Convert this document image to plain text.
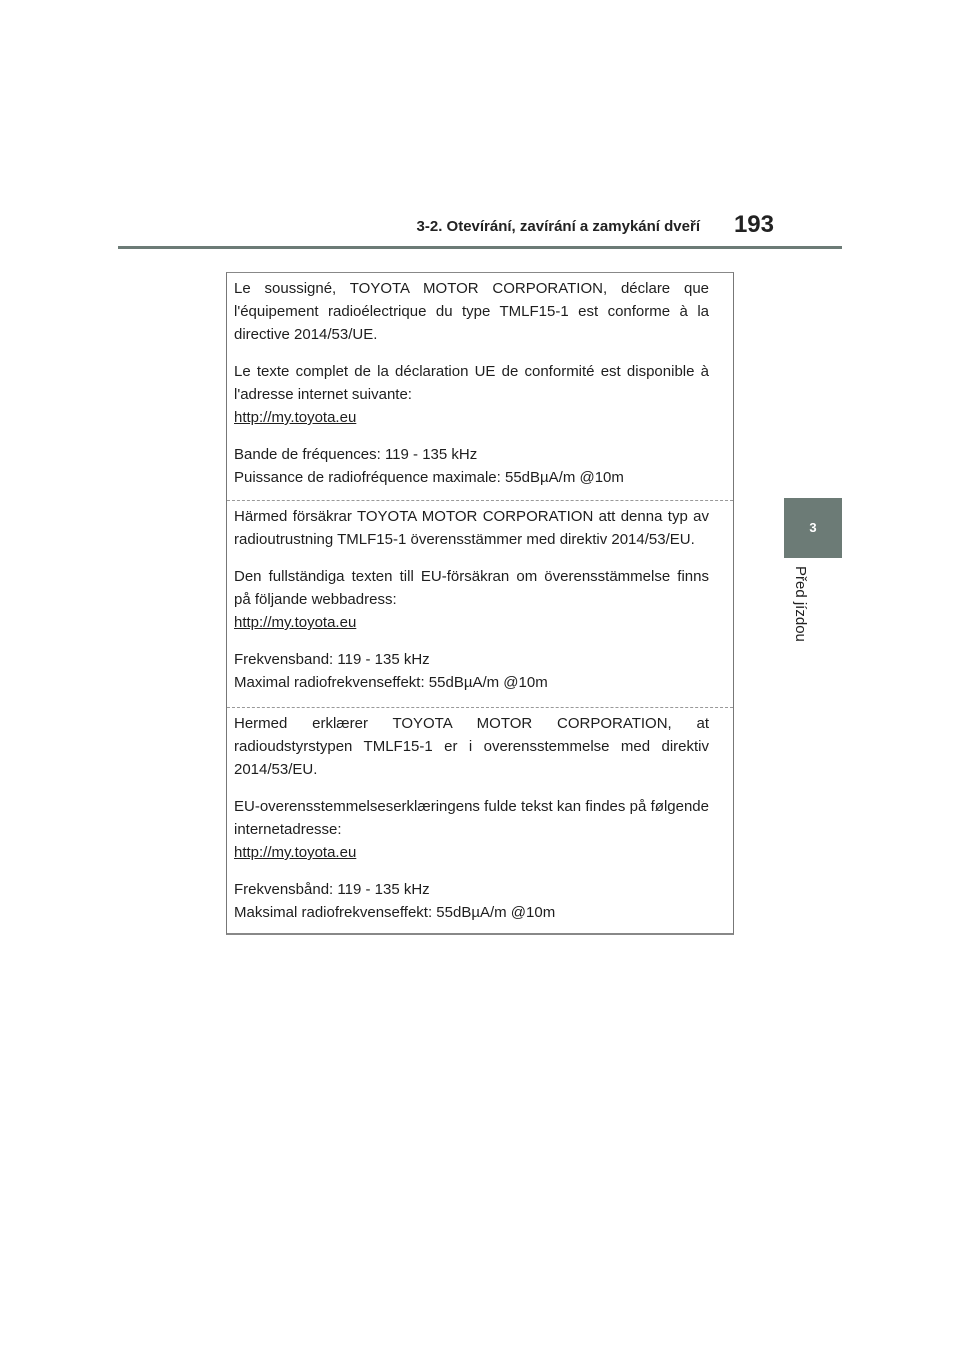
3-2. Otevírání, zavírání a zamykání dveří 193
3
Před jízdou

Le soussigné, TOYOTA MOTOR CORPORATION, déclare que l'équipement radioélectrique du type TMLF15-1 est conforme à la directive 2014/53/UE.

Le texte complet de la déclaration UE de conformité est disponible à l'adresse internet suivante:

http://my.toyota.eu

Bande de fréquences: 119 - 135 kHz

Puissance de radiofréquence maximale: 55dBµA/m @10m

Härmed försäkrar TOYOTA MOTOR CORPORATION att denna typ av radioutrustning TMLF15-1 överensstämmer med direktiv 2014/53/EU.

Den fullständiga texten till EU-försäkran om överensstämmelse finns på följande webbadress:

http://my.toyota.eu

Frekvensband: 119 - 135 kHz

Maximal radiofrekvenseffekt: 55dBµA/m @10m

Hermed erklærer TOYOTA MOTOR CORPORATION, at radioudstyrstypen TMLF15-1 er i overensstemmelse med direktiv 2014/53/EU.

EU-overensstemmelseserklæringens fulde tekst kan findes på følgende internetadresse:

http://my.toyota.eu

Frekvensbånd: 119 - 135 kHz

Maksimal radiofrekvenseffekt: 55dBµA/m @10m
